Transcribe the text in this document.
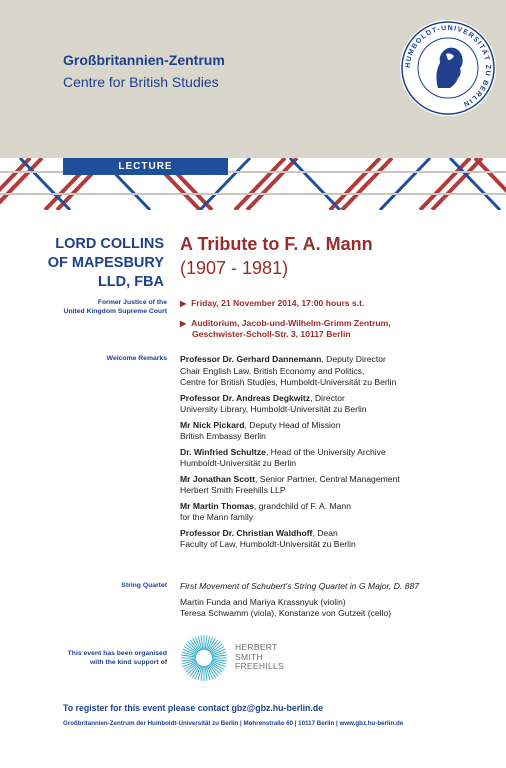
Großbritannien-Zentrum
Centre for British Studies
HUMBOLDT-UNIVERSITÄT ZU BERLIN
LECTURE
LORD COLLINS
OF MAPESBURY
LLD, FBA
Former Justice of the
United Kingdom Supreme Court
A Tribute to F. A. Mann
(1907 - 1981)
▶ Friday, 21 November 2014, 17:00 hours s.t.
▶ Auditorium, Jacob-und-Wilhelm-Grimm Zentrum,
Geschwister-Scholl-Str. 3, 10117 Berlin
Welcome Remarks Professor Dr. Gerhard Dannemann, Deputy Director
Chair English Law, British Economy and Politics,
Centre for British Studies, Humboldt-Universität zu Berlin
Professor Dr. Andreas Degkwitz, Director
University Library, Humboldt-Universität zu Berlin
Mr Nick Pickard, Deputy Head of Mission
British Embassy Berlin
Dr. Winfried Schultze, Head of the University Archive
Humboldt-Universität zu Berlin
Mr Jonathan Scott, Senior Partner, Central Management
Herbert Smith Freehills LLP
Mr Martin Thomas, grandchild of F. A. Mann
for the Mann family
Professor Dr. Christian Waldhoff, Dean
Faculty of Law, Humboldt-Universität zu Berlin
String Quartet First Movement of Schubert's String Quartet in G Major, D. 887
Martin Funda and Mariya Krassnyuk (violin)
Teresa Schwamm (viola), Konstanze von Gutzeit (cello)
This event has been organised
with the kind support of
HERBERT
SMITH
FREEHILLS
To register for this event please contact gbz@gbz.hu-berlin.de
Großbritannien-Zentrum der Humboldt-Universität zu Berlin | Mohrenstraße 60 | 10117 Berlin | www.gbz.hu-berlin.de
